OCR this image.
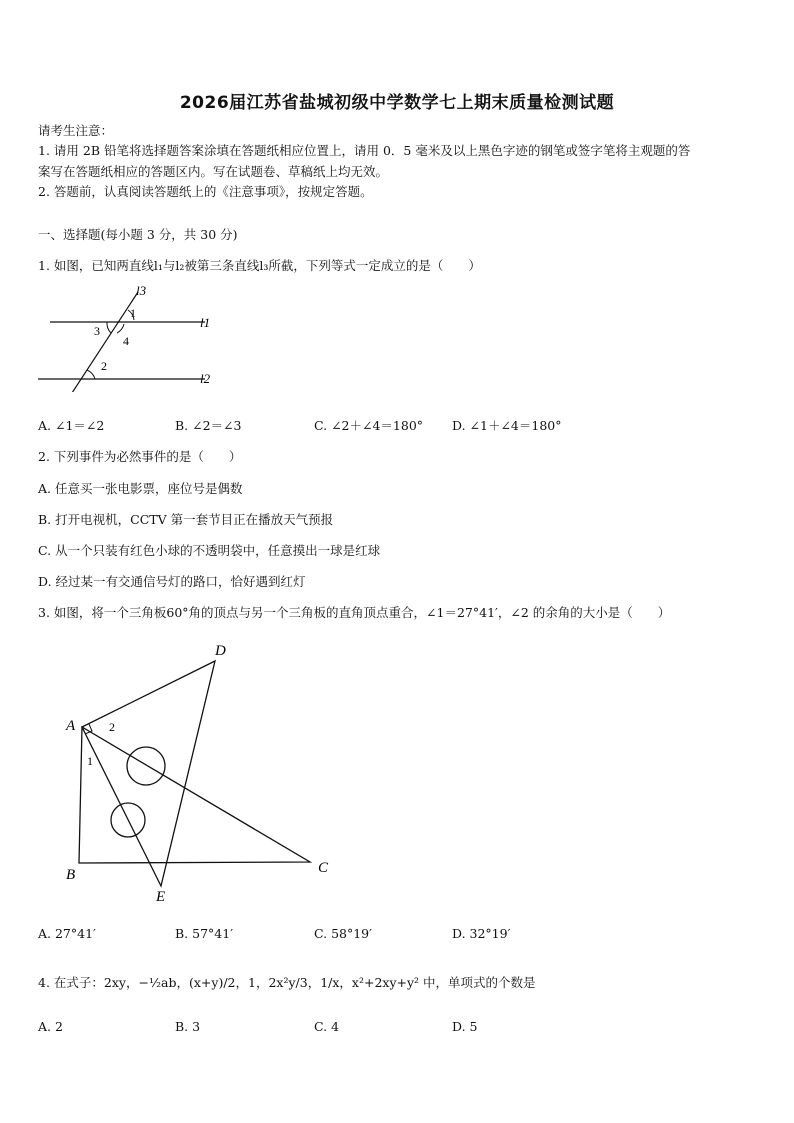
2026届江苏省盐城初级中学数学七上期末质量检测试题
请考生注意：
1. 请用 2B 铅笔将选择题答案涂填在答题纸相应位置上，请用 0．5 毫米及以上黑色字迹的钢笔或签字笔将主观题的答
案写在答题纸相应的答题区内。写在试题卷、草稿纸上均无效。
2. 答题前，认真阅读答题纸上的《注意事项》，按规定答题。
一、选择题(每小题 3 分，共 30 分)
1. 如图，已知两直线l₁与l₂被第三条直线l₃所截，下列等式一定成立的是（　　）
l3
l1
l2
1
3
4
2
A. ∠1＝∠2	B. ∠2＝∠3	C. ∠2＋∠4＝180° D. ∠1＋∠4＝180°
2. 下列事件为必然事件的是（　　）
A. 任意买一张电影票，座位号是偶数
B. 打开电视机，CCTV 第一套节目正在播放天气预报
C. 从一个只装有红色小球的不透明袋中，任意摸出一球是红球
D. 经过某一有交通信号灯的路口，恰好遇到红灯
3. 如图，将一个三角板60°角的顶点与另一个三角板的直角顶点重合，∠1＝27°41′，∠2 的余角的大小是（　　）
A
B	C
D
E
2
1
A. 27°41′	B. 57°41′	C. 58°19′	D. 32°19′
4. 在式子：2xy，−½ab，(x+y)/2，1，2x²y/3，1/x，x²+2xy+y² 中，单项式的个数是
A. 2	B. 3	C. 4	D. 5
